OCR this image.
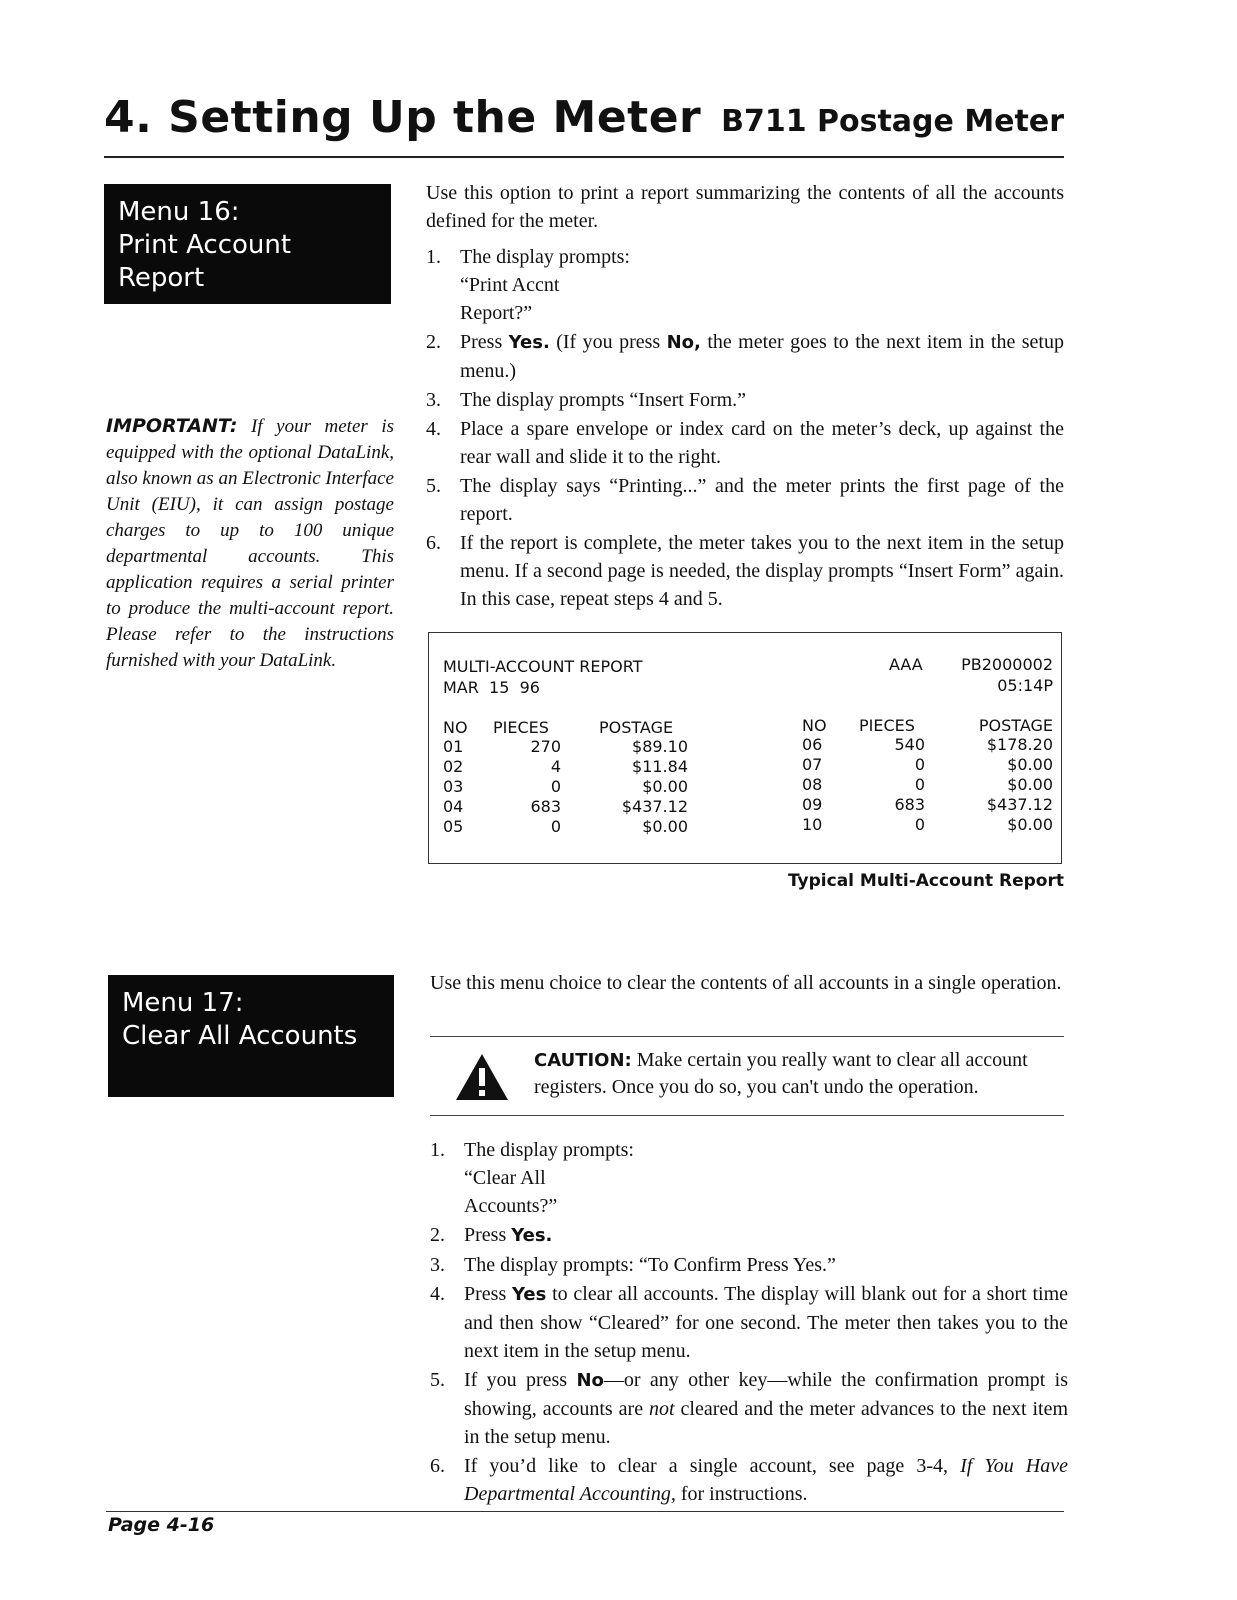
4. Setting Up the Meter B711 Postage Meter
Menu 16:
Print Account
Report
IMPORTANT: If your meter is equipped with the optional DataLink, also known as an Electronic Interface Unit (EIU), it can assign postage charges to up to 100 unique departmental accounts. This application requires a serial printer to produce the multi-account report. Please refer to the instructions furnished with your DataLink.
Use this option to print a report summarizing the contents of all the accounts defined for the meter.
1. The display prompts:
“Print Accnt
Report?”
2. Press Yes. (If you press No, the meter goes to the next item in the setup menu.)
3. The display prompts “Insert Form.”
4. Place a spare envelope or index card on the meter’s deck, up against the rear wall and slide it to the right.
5. The display says “Printing...” and the meter prints the first page of the report.
6. If the report is complete, the meter takes you to the next item in the setup menu. If a second page is needed, the display prompts “Insert Form” again. In this case, repeat steps 4 and 5.
MULTI-ACCOUNT REPORT
MAR  15  96
AAA PB2000002
05:14P
NO PIECES	POSTAGE	NO PIECES	POSTAGE
01	270	$89.10
02	4	$11.84
03	0	$0.00
04	683	$437.12
05	0	$0.00
06	540	$178.20
07	0	$0.00
08	0	$0.00
09	683	$437.12
10	0	$0.00
Typical Multi-Account Report
Menu 17:
Clear All Accounts
Use this menu choice to clear the contents of all accounts in a single operation.
CAUTION: Make certain you really want to clear all account registers. Once you do so, you can't undo the operation.
1. The display prompts:
“Clear All
Accounts?”
2. Press Yes.
3. The display prompts: “To Confirm Press Yes.”
4. Press Yes to clear all accounts. The display will blank out for a short time and then show “Cleared” for one second. The meter then takes you to the next item in the setup menu.
5. If you press No—or any other key—while the confirmation prompt is showing, accounts are not cleared and the meter advances to the next item in the setup menu.
6. If you’d like to clear a single account, see page 3-4, If You Have Departmental Accounting, for instructions.
Page 4-16
